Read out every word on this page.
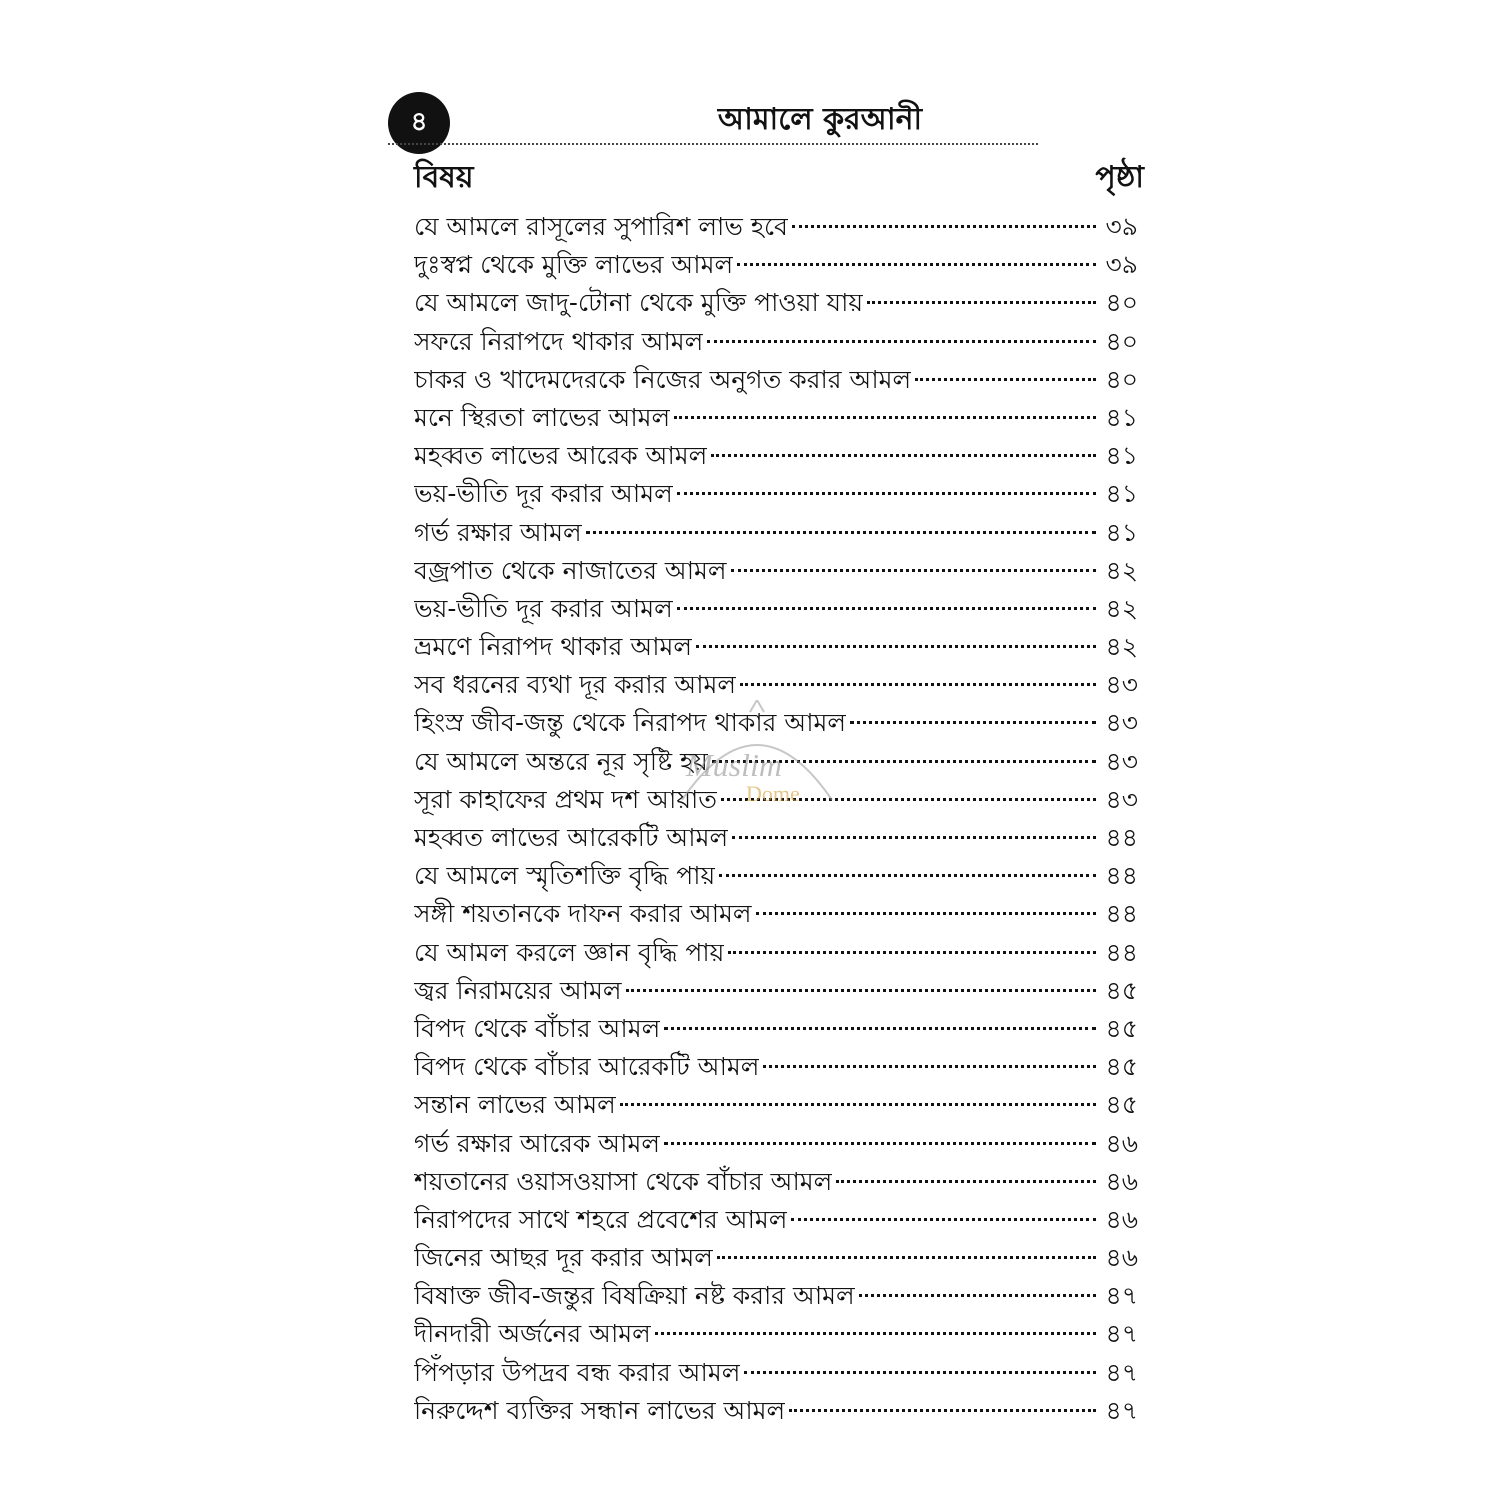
৪	আমালে কুরআনী
বিষয়	পৃষ্ঠা
যে আমলে রাসূলের সুপারিশ লাভ হবে	৩৯
দুঃস্বপ্ন থেকে মুক্তি লাভের আমল	৩৯
যে আমলে জাদু-টোনা থেকে মুক্তি পাওয়া যায়	৪০
সফরে নিরাপদে থাকার আমল	৪০
চাকর ও খাদেমদেরকে নিজের অনুগত করার আমল	৪০
মনে স্থিরতা লাভের আমল	৪১
মহব্বত লাভের আরেক আমল	৪১
ভয়-ভীতি দূর করার আমল	৪১
গর্ভ রক্ষার আমল	৪১
বজ্রপাত থেকে নাজাতের আমল	৪২
ভয়-ভীতি দূর করার আমল	৪২
ভ্রমণে নিরাপদ থাকার আমল	৪২
সব ধরনের ব্যথা দূর করার আমল	৪৩
হিংস্র জীব-জন্তু থেকে নিরাপদ থাকার আমল	৪৩
যে আমলে অন্তরে নূর সৃষ্টি হয়	৪৩
সূরা কাহাফের প্রথম দশ আয়াত	৪৩
মহব্বত লাভের আরেকটি আমল	৪৪
যে আমলে স্মৃতিশক্তি বৃদ্ধি পায়	৪৪
সঙ্গী শয়তানকে দাফন করার আমল	৪৪
যে আমল করলে জ্ঞান বৃদ্ধি পায়	৪৪
জ্বর নিরাময়ের আমল	৪৫
বিপদ থেকে বাঁচার আমল	৪৫
বিপদ থেকে বাঁচার আরেকটি আমল	৪৫
সন্তান লাভের আমল	৪৫
গর্ভ রক্ষার আরেক আমল	৪৬
শয়তানের ওয়াসওয়াসা থেকে বাঁচার আমল	৪৬
নিরাপদের সাথে শহরে প্রবেশের আমল	৪৬
জিনের আছর দূর করার আমল	৪৬
বিষাক্ত জীব-জন্তুর বিষক্রিয়া নষ্ট করার আমল	৪৭
দীনদারী অর্জনের আমল	৪৭
পিঁপড়ার উপদ্রব বন্ধ করার আমল	৪৭
নিরুদ্দেশ ব্যক্তির সন্ধান লাভের আমল	৪৭
Muslim
Dome
